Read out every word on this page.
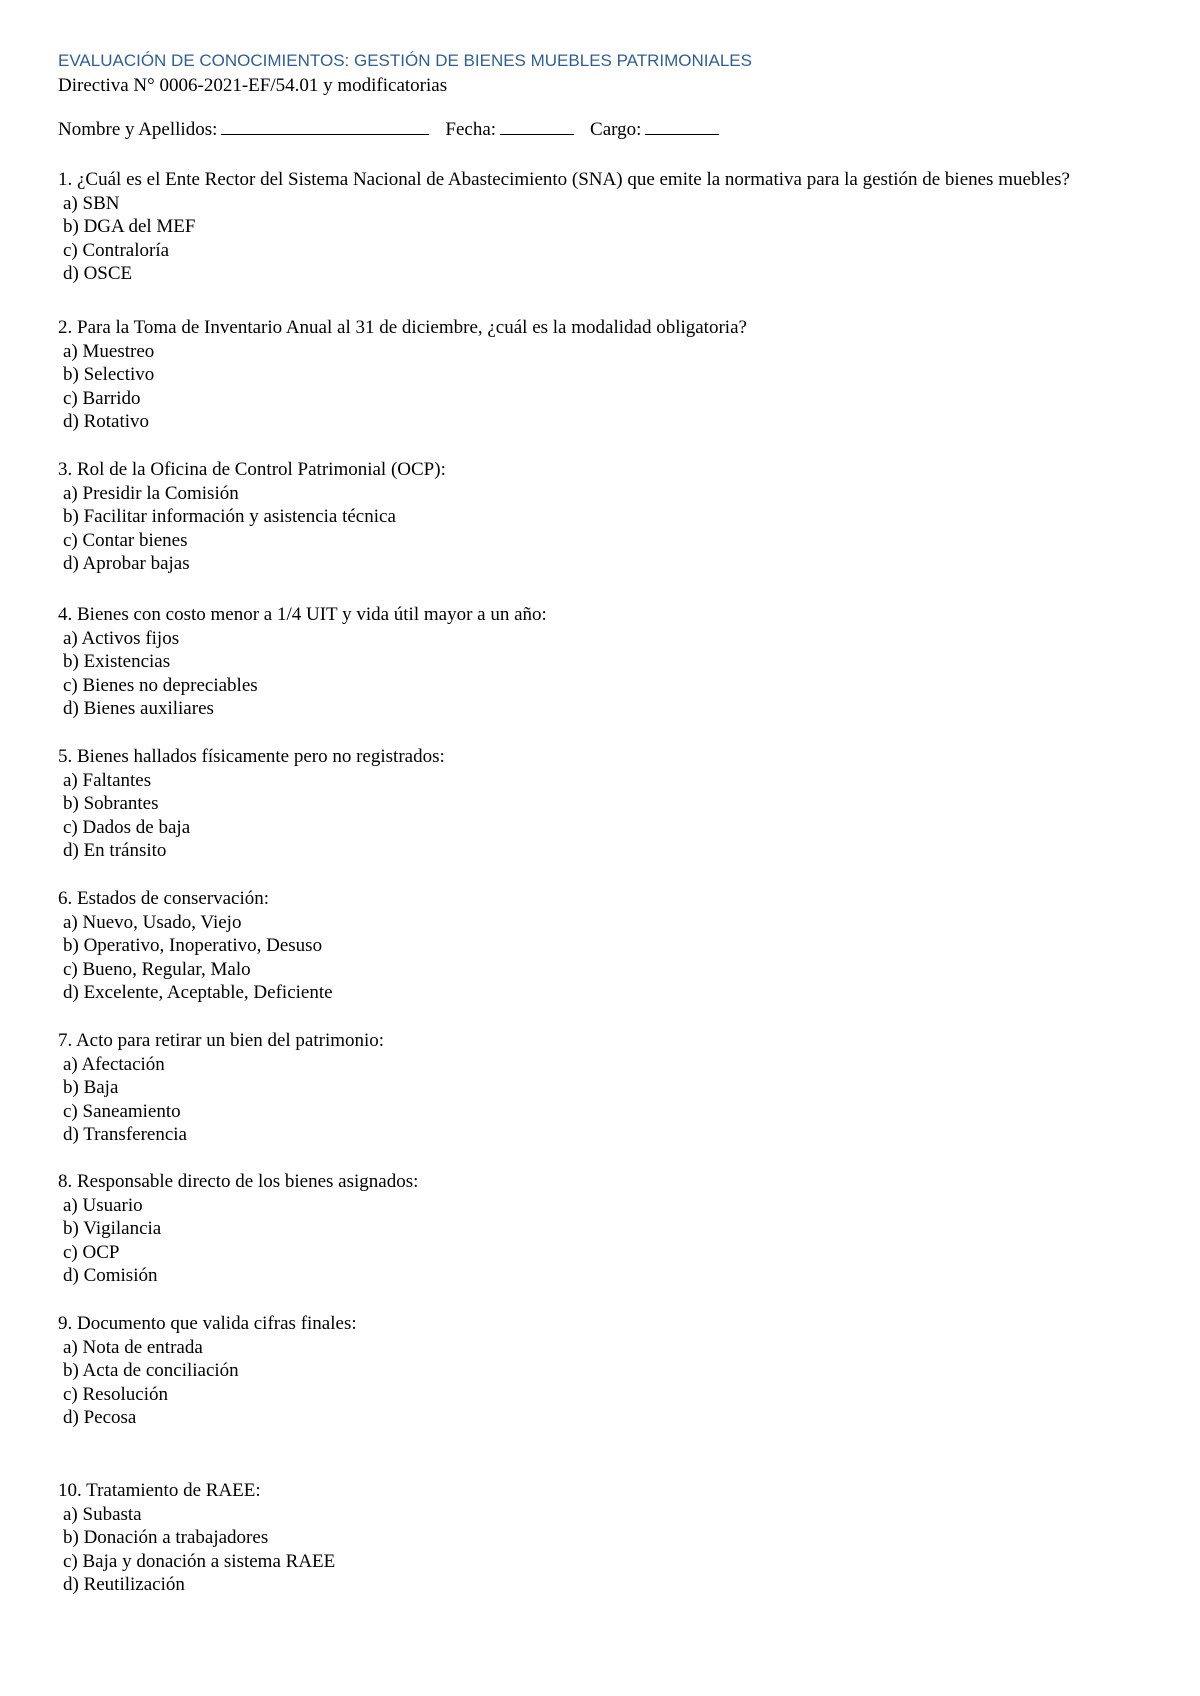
EVALUACIÓN DE CONOCIMIENTOS: GESTIÓN DE BIENES MUEBLES PATRIMONIALES
Directiva N° 0006-2021-EF/54.01 y modificatorias
Nombre y Apellidos:	Fecha:	Cargo:

1. ¿Cuál es el Ente Rector del Sistema Nacional de Abastecimiento (SNA) que emite la normativa para la gestión de bienes muebles?

a) SBN

b) DGA del MEF

c) Contraloría

d) OSCE

2. Para la Toma de Inventario Anual al 31 de diciembre, ¿cuál es la modalidad obligatoria?

a) Muestreo

b) Selectivo

c) Barrido

d) Rotativo

3. Rol de la Oficina de Control Patrimonial (OCP):

a) Presidir la Comisión

b) Facilitar información y asistencia técnica

c) Contar bienes

d) Aprobar bajas

4. Bienes con costo menor a 1/4 UIT y vida útil mayor a un año:

a) Activos fijos

b) Existencias

c) Bienes no depreciables

d) Bienes auxiliares

5. Bienes hallados físicamente pero no registrados:

a) Faltantes

b) Sobrantes

c) Dados de baja

d) En tránsito

6. Estados de conservación:

a) Nuevo, Usado, Viejo

b) Operativo, Inoperativo, Desuso

c) Bueno, Regular, Malo

d) Excelente, Aceptable, Deficiente

7. Acto para retirar un bien del patrimonio:

a) Afectación

b) Baja

c) Saneamiento

d) Transferencia

8. Responsable directo de los bienes asignados:

a) Usuario

b) Vigilancia

c) OCP

d) Comisión

9. Documento que valida cifras finales:

a) Nota de entrada

b) Acta de conciliación

c) Resolución

d) Pecosa

10. Tratamiento de RAEE:

a) Subasta

b) Donación a trabajadores

c) Baja y donación a sistema RAEE

d) Reutilización
